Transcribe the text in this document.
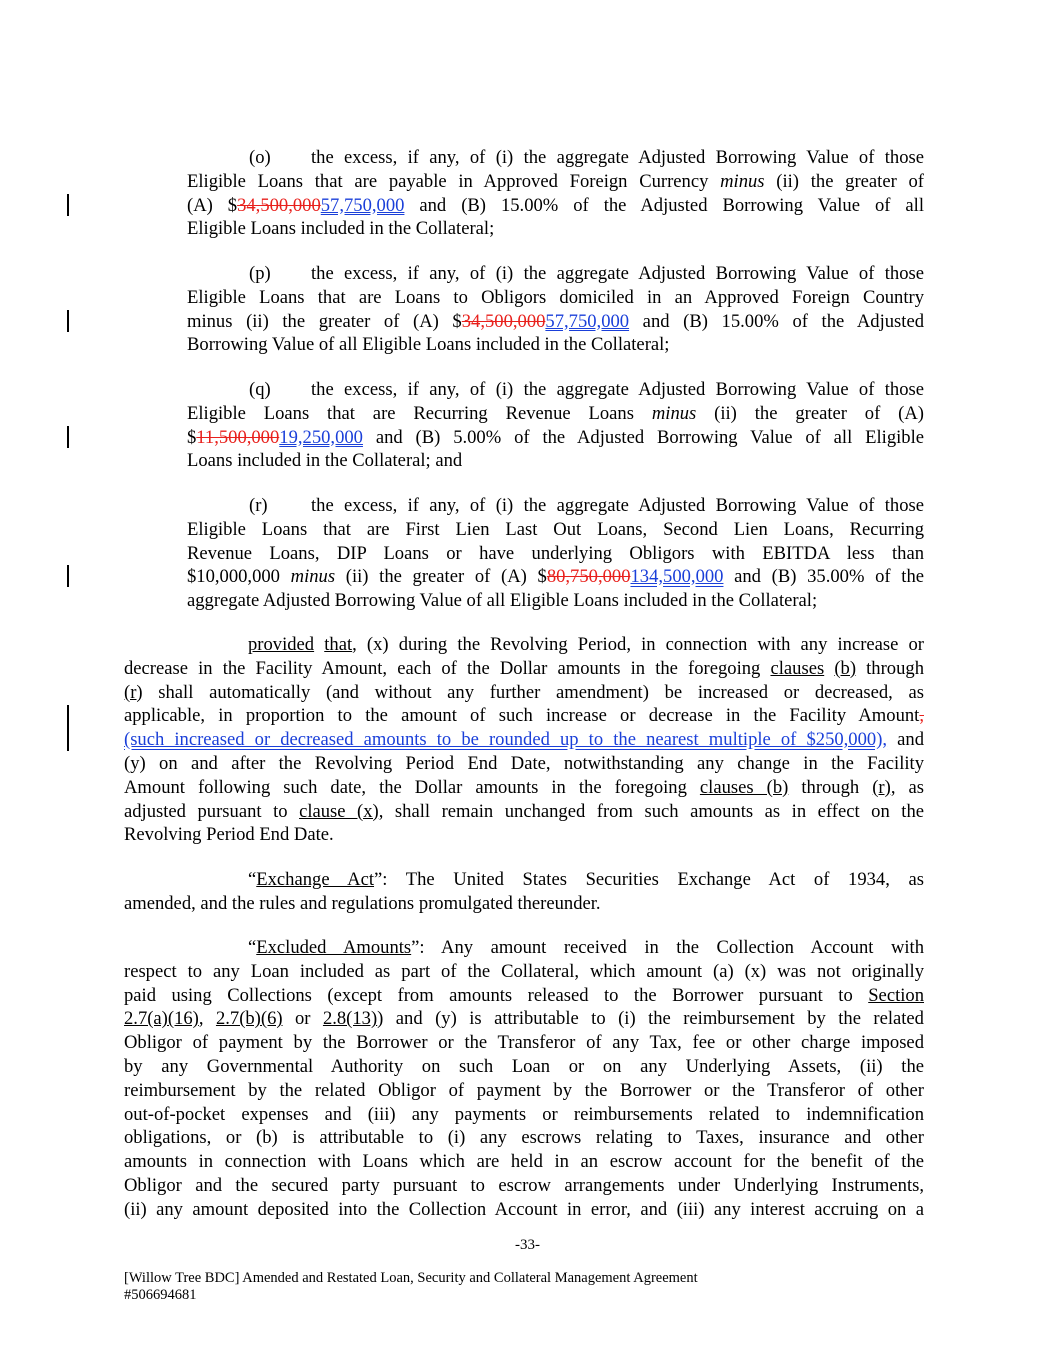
(o) the excess, if any, of (i) the aggregate Adjusted Borrowing Value of those
Eligible Loans that are payable in Approved Foreign Currency minus (ii) the greater of
(A) $34,500,00057,750,000 and (B) 15.00% of the Adjusted Borrowing Value of all
Eligible Loans included in the Collateral;
(p) the excess, if any, of (i) the aggregate Adjusted Borrowing Value of those
Eligible Loans that are Loans to Obligors domiciled in an Approved Foreign Country
minus (ii) the greater of (A) $34,500,00057,750,000 and (B) 15.00% of the Adjusted
Borrowing Value of all Eligible Loans included in the Collateral;
(q) the excess, if any, of (i) the aggregate Adjusted Borrowing Value of those
Eligible Loans that are Recurring Revenue Loans minus (ii) the greater of (A)
$11,500,00019,250,000 and (B) 5.00% of the Adjusted Borrowing Value of all Eligible
Loans included in the Collateral; and
(r) the excess, if any, of (i) the aggregate Adjusted Borrowing Value of those
Eligible Loans that are First Lien Last Out Loans, Second Lien Loans, Recurring
Revenue Loans, DIP Loans or have underlying Obligors with EBITDA less than
$10,000,000 minus (ii) the greater of (A) $80,750,000134,500,000 and (B) 35.00% of the
aggregate Adjusted Borrowing Value of all Eligible Loans included in the Collateral;
provided that, (x) during the Revolving Period, in connection with any increase or
decrease in the Facility Amount, each of the Dollar amounts in the foregoing clauses (b) through
(r) shall automatically (and without any further amendment) be increased or decreased, as
applicable, in proportion to the amount of such increase or decrease in the Facility Amount,
(such increased or decreased amounts to be rounded up to the nearest multiple of $250,000), and
(y) on and after the Revolving Period End Date, notwithstanding any change in the Facility
Amount following such date, the Dollar amounts in the foregoing clauses (b) through (r), as
adjusted pursuant to clause (x), shall remain unchanged from such amounts as in effect on the
Revolving Period End Date.
“Exchange Act”: The United States Securities Exchange Act of 1934, as
amended, and the rules and regulations promulgated thereunder.
“Excluded Amounts”: Any amount received in the Collection Account with
respect to any Loan included as part of the Collateral, which amount (a) (x) was not originally
paid using Collections (except from amounts released to the Borrower pursuant to Section
2.7(a)(16), 2.7(b)(6) or 2.8(13)) and (y) is attributable to (i) the reimbursement by the related
Obligor of payment by the Borrower or the Transferor of any Tax, fee or other charge imposed
by any Governmental Authority on such Loan or on any Underlying Assets, (ii) the
reimbursement by the related Obligor of payment by the Borrower or the Transferor of other
out-of-pocket expenses and (iii) any payments or reimbursements related to indemnification
obligations, or (b) is attributable to (i) any escrows relating to Taxes, insurance and other
amounts in connection with Loans which are held in an escrow account for the benefit of the
Obligor and the secured party pursuant to escrow arrangements under Underlying Instruments,
(ii) any amount deposited into the Collection Account in error, and (iii) any interest accruing on a
-33-
[Willow Tree BDC] Amended and Restated Loan, Security and Collateral Management Agreement
#506694681
